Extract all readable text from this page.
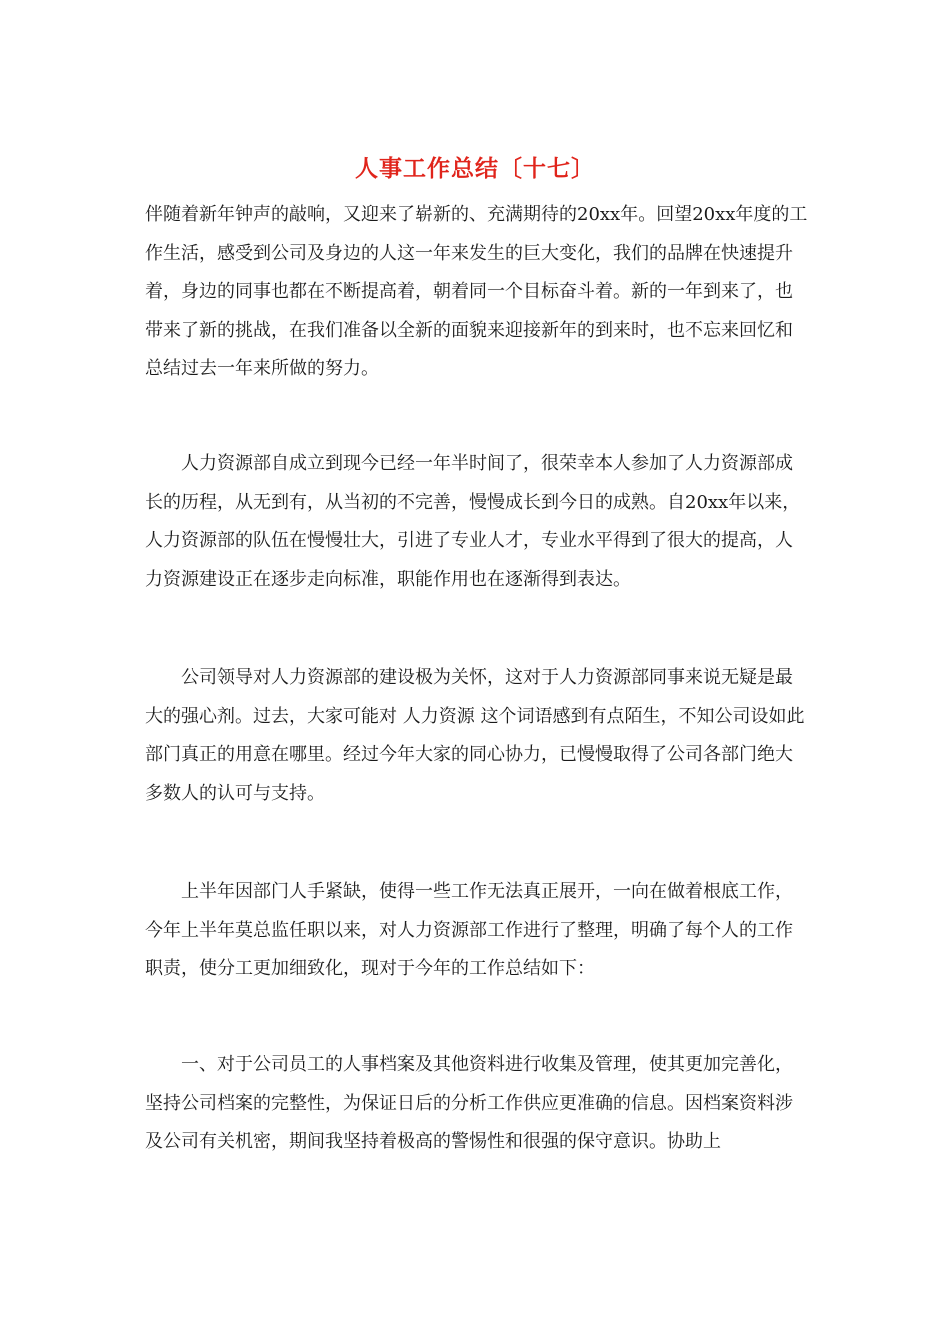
人事工作总结〔十七〕

伴随着新年钟声的敲响，又迎来了崭新的、充满期待的20xx年。回望20xx年度的工作生活，感受到公司及身边的人这一年来发生的巨大变化，我们的品牌在快速提升着，身边的同事也都在不断提高着，朝着同一个目标奋斗着。新的一年到来了，也带来了新的挑战，在我们准备以全新的面貌来迎接新年的到来时，也不忘来回忆和总结过去一年来所做的努力。

人力资源部自成立到现今已经一年半时间了，很荣幸本人参加了人力资源部成长的历程，从无到有，从当初的不完善，慢慢成长到今日的成熟。自20xx年以来，人力资源部的队伍在慢慢壮大，引进了专业人才，专业水平得到了很大的提高，人力资源建设正在逐步走向标准，职能作用也在逐渐得到表达。

公司领导对人力资源部的建设极为关怀，这对于人力资源部同事来说无疑是最大的强心剂。过去，大家可能对 人力资源 这个词语感到有点陌生，不知公司设如此部门真正的用意在哪里。经过今年大家的同心协力，已慢慢取得了公司各部门绝大多数人的认可与支持。

上半年因部门人手紧缺，使得一些工作无法真正展开，一向在做着根底工作，今年上半年莫总监任职以来，对人力资源部工作进行了整理，明确了每个人的工作职责，使分工更加细致化，现对于今年的工作总结如下：

一、对于公司员工的人事档案及其他资料进行收集及管理，使其更加完善化，坚持公司档案的完整性，为保证日后的分析工作供应更准确的信息。因档案资料涉及公司有关机密，期间我坚持着极高的警惕性和很强的保守意识。协助上
